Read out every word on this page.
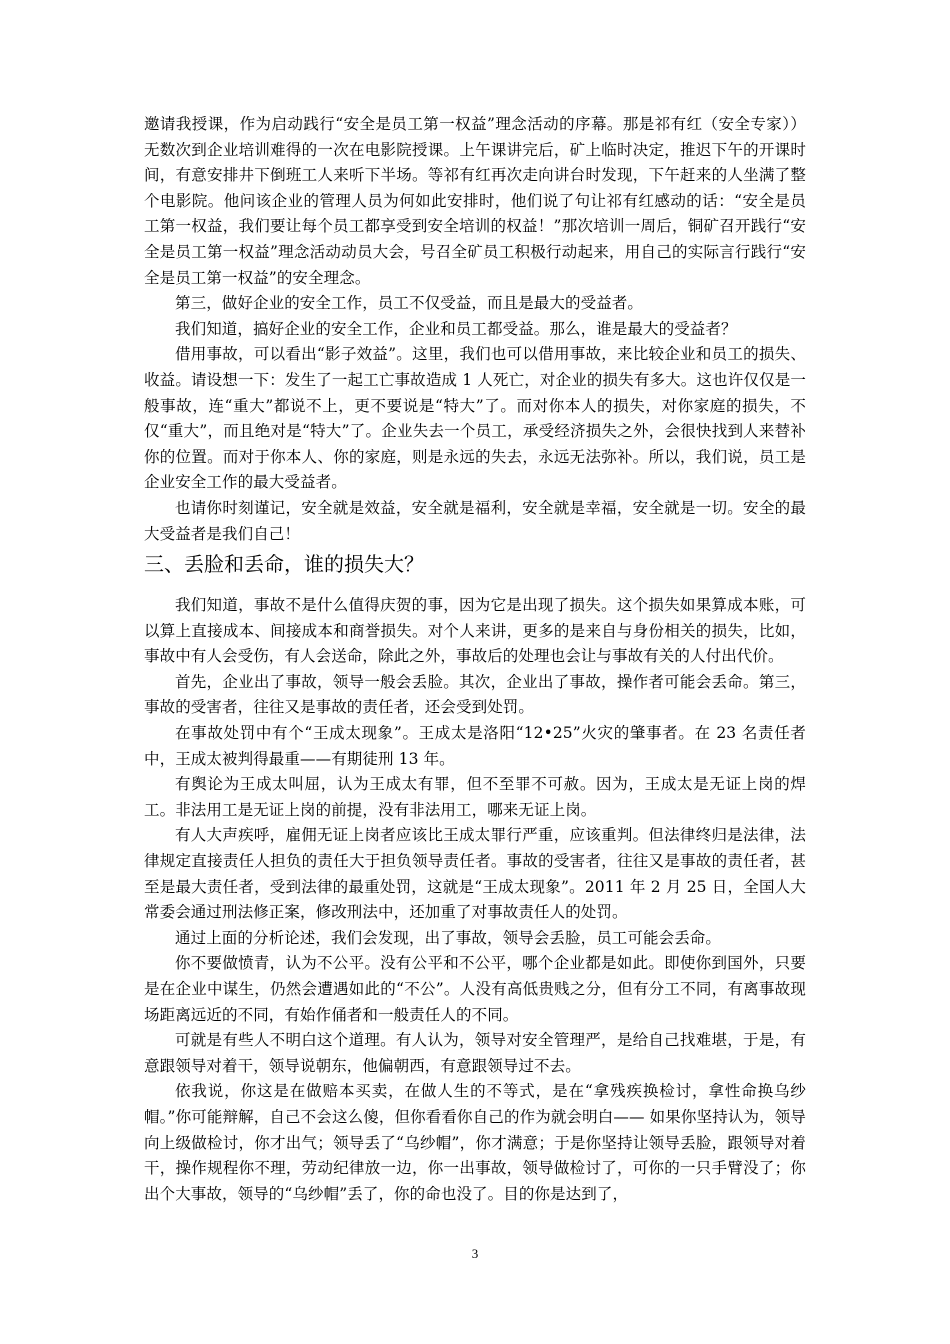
邀请我授课，作为启动践行“安全是员工第一权益”理念活动的序幕。那是祁有红（安全专家））无数次到企业培训难得的一次在电影院授课。上午课讲完后，矿上临时决定，推迟下午的开课时间，有意安排井下倒班工人来听下半场。等祁有红再次走向讲台时发现，下午赶来的人坐满了整个电影院。他问该企业的管理人员为何如此安排时，他们说了句让祁有红感动的话：“安全是员工第一权益，我们要让每个员工都享受到安全培训的权益！”那次培训一周后，铜矿召开践行“安全是员工第一权益”理念活动动员大会，号召全矿员工积极行动起来，用自己的实际言行践行“安全是员工第一权益”的安全理念。

第三，做好企业的安全工作，员工不仅受益，而且是最大的受益者。

我们知道，搞好企业的安全工作，企业和员工都受益。那么，谁是最大的受益者？

借用事故，可以看出“影子效益”。这里，我们也可以借用事故，来比较企业和员工的损失、收益。请设想一下：发生了一起工亡事故造成 1 人死亡，对企业的损失有多大。这也许仅仅是一般事故，连“重大”都说不上，更不要说是“特大”了。而对你本人的损失，对你家庭的损失，不仅“重大”，而且绝对是“特大”了。企业失去一个员工，承受经济损失之外，会很快找到人来替补你的位置。而对于你本人、你的家庭，则是永远的失去，永远无法弥补。所以，我们说，员工是企业安全工作的最大受益者。

也请你时刻谨记，安全就是效益，安全就是福利，安全就是幸福，安全就是一切。安全的最大受益者是我们自己！

三、丢脸和丢命，谁的损失大？

我们知道，事故不是什么值得庆贺的事，因为它是出现了损失。这个损失如果算成本账，可以算上直接成本、间接成本和商誉损失。对个人来讲，更多的是来自与身份相关的损失，比如，事故中有人会受伤，有人会送命，除此之外，事故后的处理也会让与事故有关的人付出代价。

首先，企业出了事故，领导一般会丢脸。其次，企业出了事故，操作者可能会丢命。第三，事故的受害者，往往又是事故的责任者，还会受到处罚。

在事故处罚中有个“王成太现象”。王成太是洛阳“12•25”火灾的肇事者。在 23 名责任者中，王成太被判得最重——有期徒刑 13 年。

有舆论为王成太叫屈，认为王成太有罪，但不至罪不可赦。因为，王成太是无证上岗的焊工。非法用工是无证上岗的前提，没有非法用工，哪来无证上岗。

有人大声疾呼，雇佣无证上岗者应该比王成太罪行严重，应该重判。但法律终归是法律，法律规定直接责任人担负的责任大于担负领导责任者。事故的受害者，往往又是事故的责任者，甚至是最大责任者，受到法律的最重处罚，这就是“王成太现象”。2011 年 2 月 25 日，全国人大常委会通过刑法修正案，修改刑法中，还加重了对事故责任人的处罚。

通过上面的分析论述，我们会发现，出了事故，领导会丢脸，员工可能会丢命。

你不要做愤青，认为不公平。没有公平和不公平，哪个企业都是如此。即使你到国外，只要是在企业中谋生，仍然会遭遇如此的“不公”。人没有高低贵贱之分，但有分工不同，有离事故现场距离远近的不同，有始作俑者和一般责任人的不同。

可就是有些人不明白这个道理。有人认为，领导对安全管理严，是给自己找难堪，于是，有意跟领导对着干，领导说朝东，他偏朝西，有意跟领导过不去。

依我说，你这是在做赔本买卖，在做人生的不等式，是在“拿残疾换检讨，拿性命换乌纱帽。”你可能辩解，自己不会这么傻，但你看看你自己的作为就会明白—— 如果你坚持认为，领导向上级做检讨，你才出气；领导丢了“乌纱帽”，你才满意；于是你坚持让领导丢脸，跟领导对着干，操作规程你不理，劳动纪律放一边，你一出事故，领导做检讨了，可你的一只手臂没了；你出个大事故，领导的“乌纱帽”丢了，你的命也没了。目的你是达到了，

3
